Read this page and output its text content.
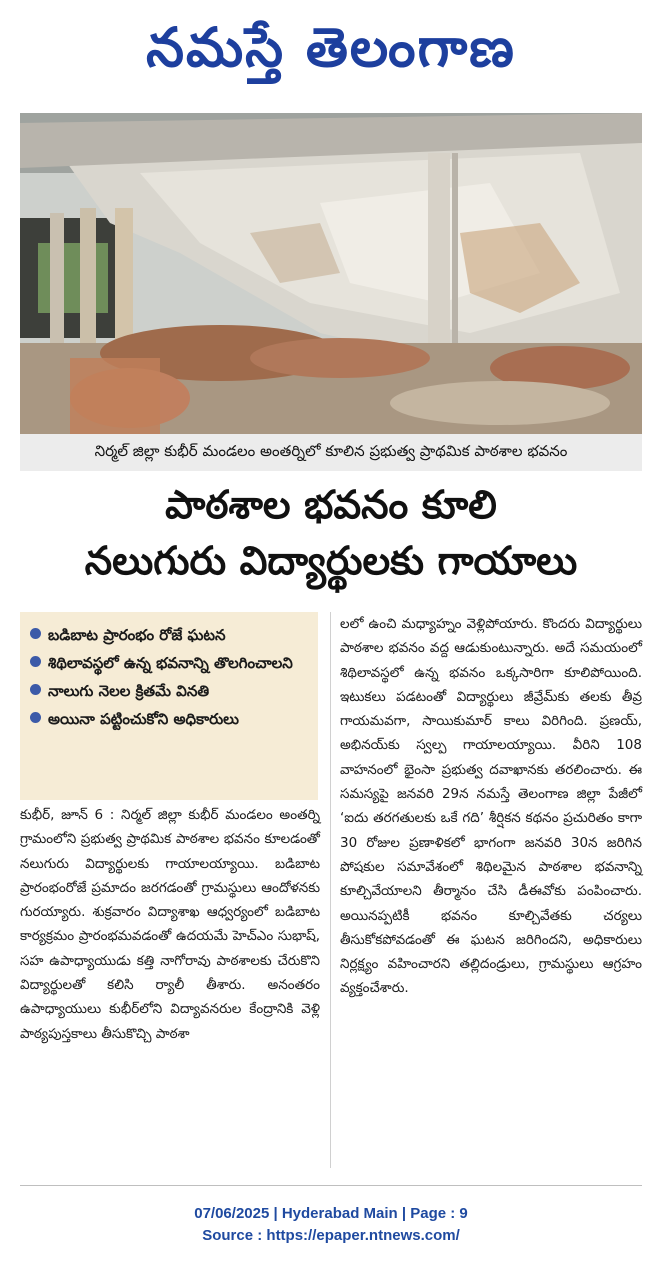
నమస్తే తెలంగాణ
నిర్మల్ జిల్లా కుభీర్ మండలం అంతర్నిలో కూలిన ప్రభుత్వ ప్రాథమిక పాఠశాల భవనం
పాఠశాల భవనం కూలి
నలుగురు విద్యార్థులకు గాయాలు
బడిబాట ప్రారంభం రోజే ఘటన
శిథిలావస్థలో ఉన్న భవనాన్ని తొలగించాలని
నాలుగు నెలల క్రితమే వినతి
అయినా పట్టించుకోని అధికారులు

కుభీర్, జూన్ 6 : నిర్మల్ జిల్లా కుభీర్ మండలం అంతర్ని గ్రామంలోని ప్రభుత్వ ప్రాథమిక పాఠశాల భవనం కూలడంతో నలుగురు విద్యార్థులకు గాయాలయ్యాయి. బడిబాట ప్రారంభంరోజే ప్రమాదం జరగడంతో గ్రామస్థులు ఆందోళనకు గురయ్యారు. శుక్రవారం విద్యాశాఖ ఆధ్వర్యంలో బడిబాట కార్యక్రమం ప్రారంభమవడంతో ఉదయమే హెచ్ఎం సుభాష్, సహ ఉపాధ్యాయుడు కత్తి నాగోరావు పాఠశాలకు చేరుకొని విద్యార్థులతో కలిసి ర్యాలీ తీశారు. అనంతరం ఉపాధ్యాయులు కుభీర్‌లోని విద్యావనరుల కేంద్రానికి వెళ్లి పాఠ్యపుస్తకాలు తీసుకొచ్చి పాఠశా

లలో ఉంచి మధ్యాహ్నం వెళ్లిపోయారు. కొందరు విద్యార్థులు పాఠశాల భవనం వద్ద ఆడుకుంటున్నారు. అదే సమయంలో శిథిలావస్థలో ఉన్న భవనం ఒక్కసారిగా కూలిపోయింది. ఇటుకలు పడటంతో విద్యార్థులు జీవ్రేమ్‌కు తలకు తీవ్ర గాయమవగా, సాయికుమార్ కాలు విరిగింది. ప్రణయ్, అభినయ్‌కు స్వల్ప గాయాలయ్యాయి. వీరిని 108 వాహనంలో భైంసా ప్రభుత్వ దవాఖానకు తరలించారు. ఈ సమస్యపై జనవరి 29న నమస్తే తెలంగాణ జిల్లా పేజీలో ‘ఐదు తరగతులకు ఒకే గది’ శీర్షికన కథనం ప్రచురితం కాగా 30 రోజుల ప్రణాళికలో భాగంగా జనవరి 30న జరిగిన పోషకుల సమావేశంలో శిథిలమైన పాఠశాల భవనాన్ని కూల్చివేయాలని తీర్మానం చేసి డీఈవోకు పంపించారు. అయినప్పటికీ భవనం కూల్చివేతకు చర్యలు తీసుకోకపోవడంతో ఈ ఘటన జరిగిందని, అధికారులు నిర్లక్ష్యం వహించారని తల్లిదండ్రులు, గ్రామస్థులు ఆగ్రహం వ్యక్తంచేశారు.

07/06/2025 | Hyderabad Main | Page : 9
Source : https://epaper.ntnews.com/
